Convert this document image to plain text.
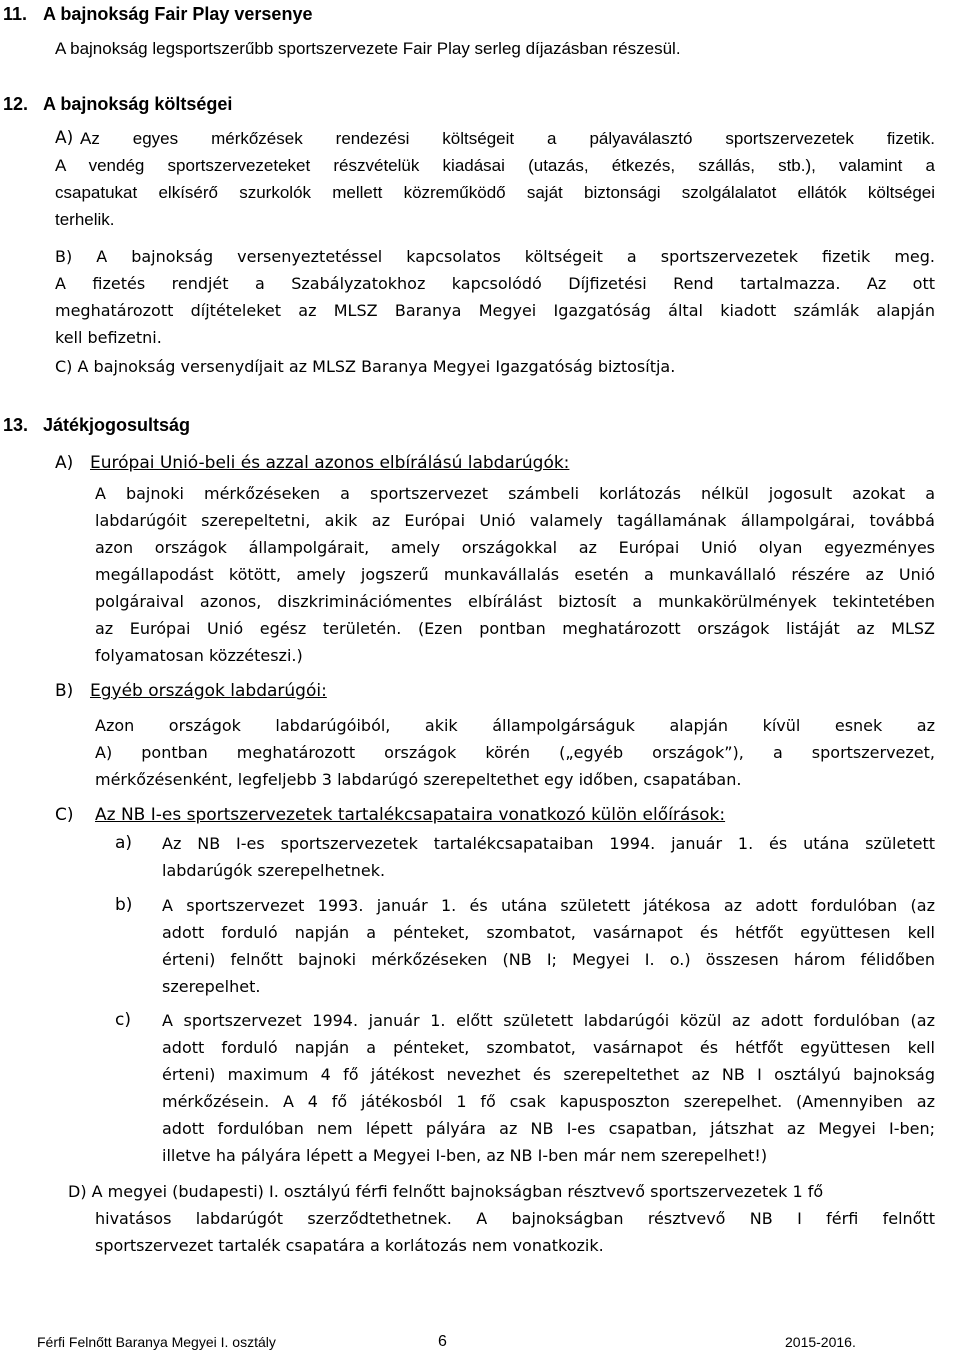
11. A bajnokság Fair Play versenye
A bajnokság legsportszerűbb sportszervezete Fair Play serleg díjazásban részesül.
12. A bajnokság költségei
A) Az egyes mérkőzések rendezési költségeit a pályaválasztó sportszervezetek fizetik.
A vendég sportszervezeteket részvételük kiadásai (utazás, étkezés, szállás, stb.), valamint a
csapatukat elkísérő szurkolók mellett közreműködő saját biztonsági szolgálalatot ellátók költségei
terhelik.
B) A bajnokság versenyeztetéssel kapcsolatos költségeit a sportszervezetek fizetik meg.
A fizetés rendjét a Szabályzatokhoz kapcsolódó Díjfizetési Rend tartalmazza. Az ott
meghatározott díjtételeket az MLSZ Baranya Megyei Igazgatóság által kiadott számlák alapján
kell befizetni.
C) A bajnokság versenydíjait az MLSZ Baranya Megyei Igazgatóság biztosítja.
13. Játékjogosultság
A) Európai Unió-beli és azzal azonos elbírálású labdarúgók:
A bajnoki mérkőzéseken a sportszervezet számbeli korlátozás nélkül jogosult azokat a
labdarúgóit szerepeltetni, akik az Európai Unió valamely tagállamának állampolgárai, továbbá
azon országok állampolgárait, amely országokkal az Európai Unió olyan egyezményes
megállapodást kötött, amely jogszerű munkavállalás esetén a munkavállaló részére az Unió
polgáraival azonos, diszkriminációmentes elbírálást biztosít a munkakörülmények tekintetében
az Európai Unió egész területén. (Ezen pontban meghatározott országok listáját az MLSZ
folyamatosan közzéteszi.)
B) Egyéb országok labdarúgói:
Azon országok labdarúgóiból, akik állampolgárságuk alapján kívül esnek az
A) pontban meghatározott országok körén („egyéb országok”), a sportszervezet,
mérkőzésenként, legfeljebb 3 labdarúgó szerepeltethet egy időben, csapatában.
C) Az NB I-es sportszervezetek tartalékcsapataira vonatkozó külön előírások:
a) Az NB I-es sportszervezetek tartalékcsapataiban 1994. január 1. és utána született
labdarúgók szerepelhetnek.
b) A sportszervezet 1993. január 1. és utána született játékosa az adott fordulóban (az
adott forduló napján a pénteket, szombatot, vasárnapot és hétfőt együttesen kell
érteni) felnőtt bajnoki mérkőzéseken (NB I; Megyei I. o.) összesen három félidőben
szerepelhet.
c) A sportszervezet 1994. január 1. előtt született labdarúgói közül az adott fordulóban (az
adott forduló napján a pénteket, szombatot, vasárnapot és hétfőt együttesen kell
érteni) maximum 4 fő játékost nevezhet és szerepeltethet az NB I osztályú bajnokság
mérkőzésein. A 4 fő játékosból 1 fő csak kapusposzton szerepelhet. (Amennyiben az
adott fordulóban nem lépett pályára az NB I-es csapatban, játszhat az Megyei I-ben;
illetve ha pályára lépett a Megyei I-ben, az NB I-ben már nem szerepelhet!)
D) A megyei (budapesti) I. osztályú férfi felnőtt bajnokságban résztvevő sportszervezetek 1 fő
hivatásos labdarúgót szerződtethetnek. A bajnokságban résztvevő NB I férfi felnőtt
sportszervezet tartalék csapatára a korlátozás nem vonatkozik.
Férfi Felnőtt Baranya Megyei I. osztály	6	2015-2016.
